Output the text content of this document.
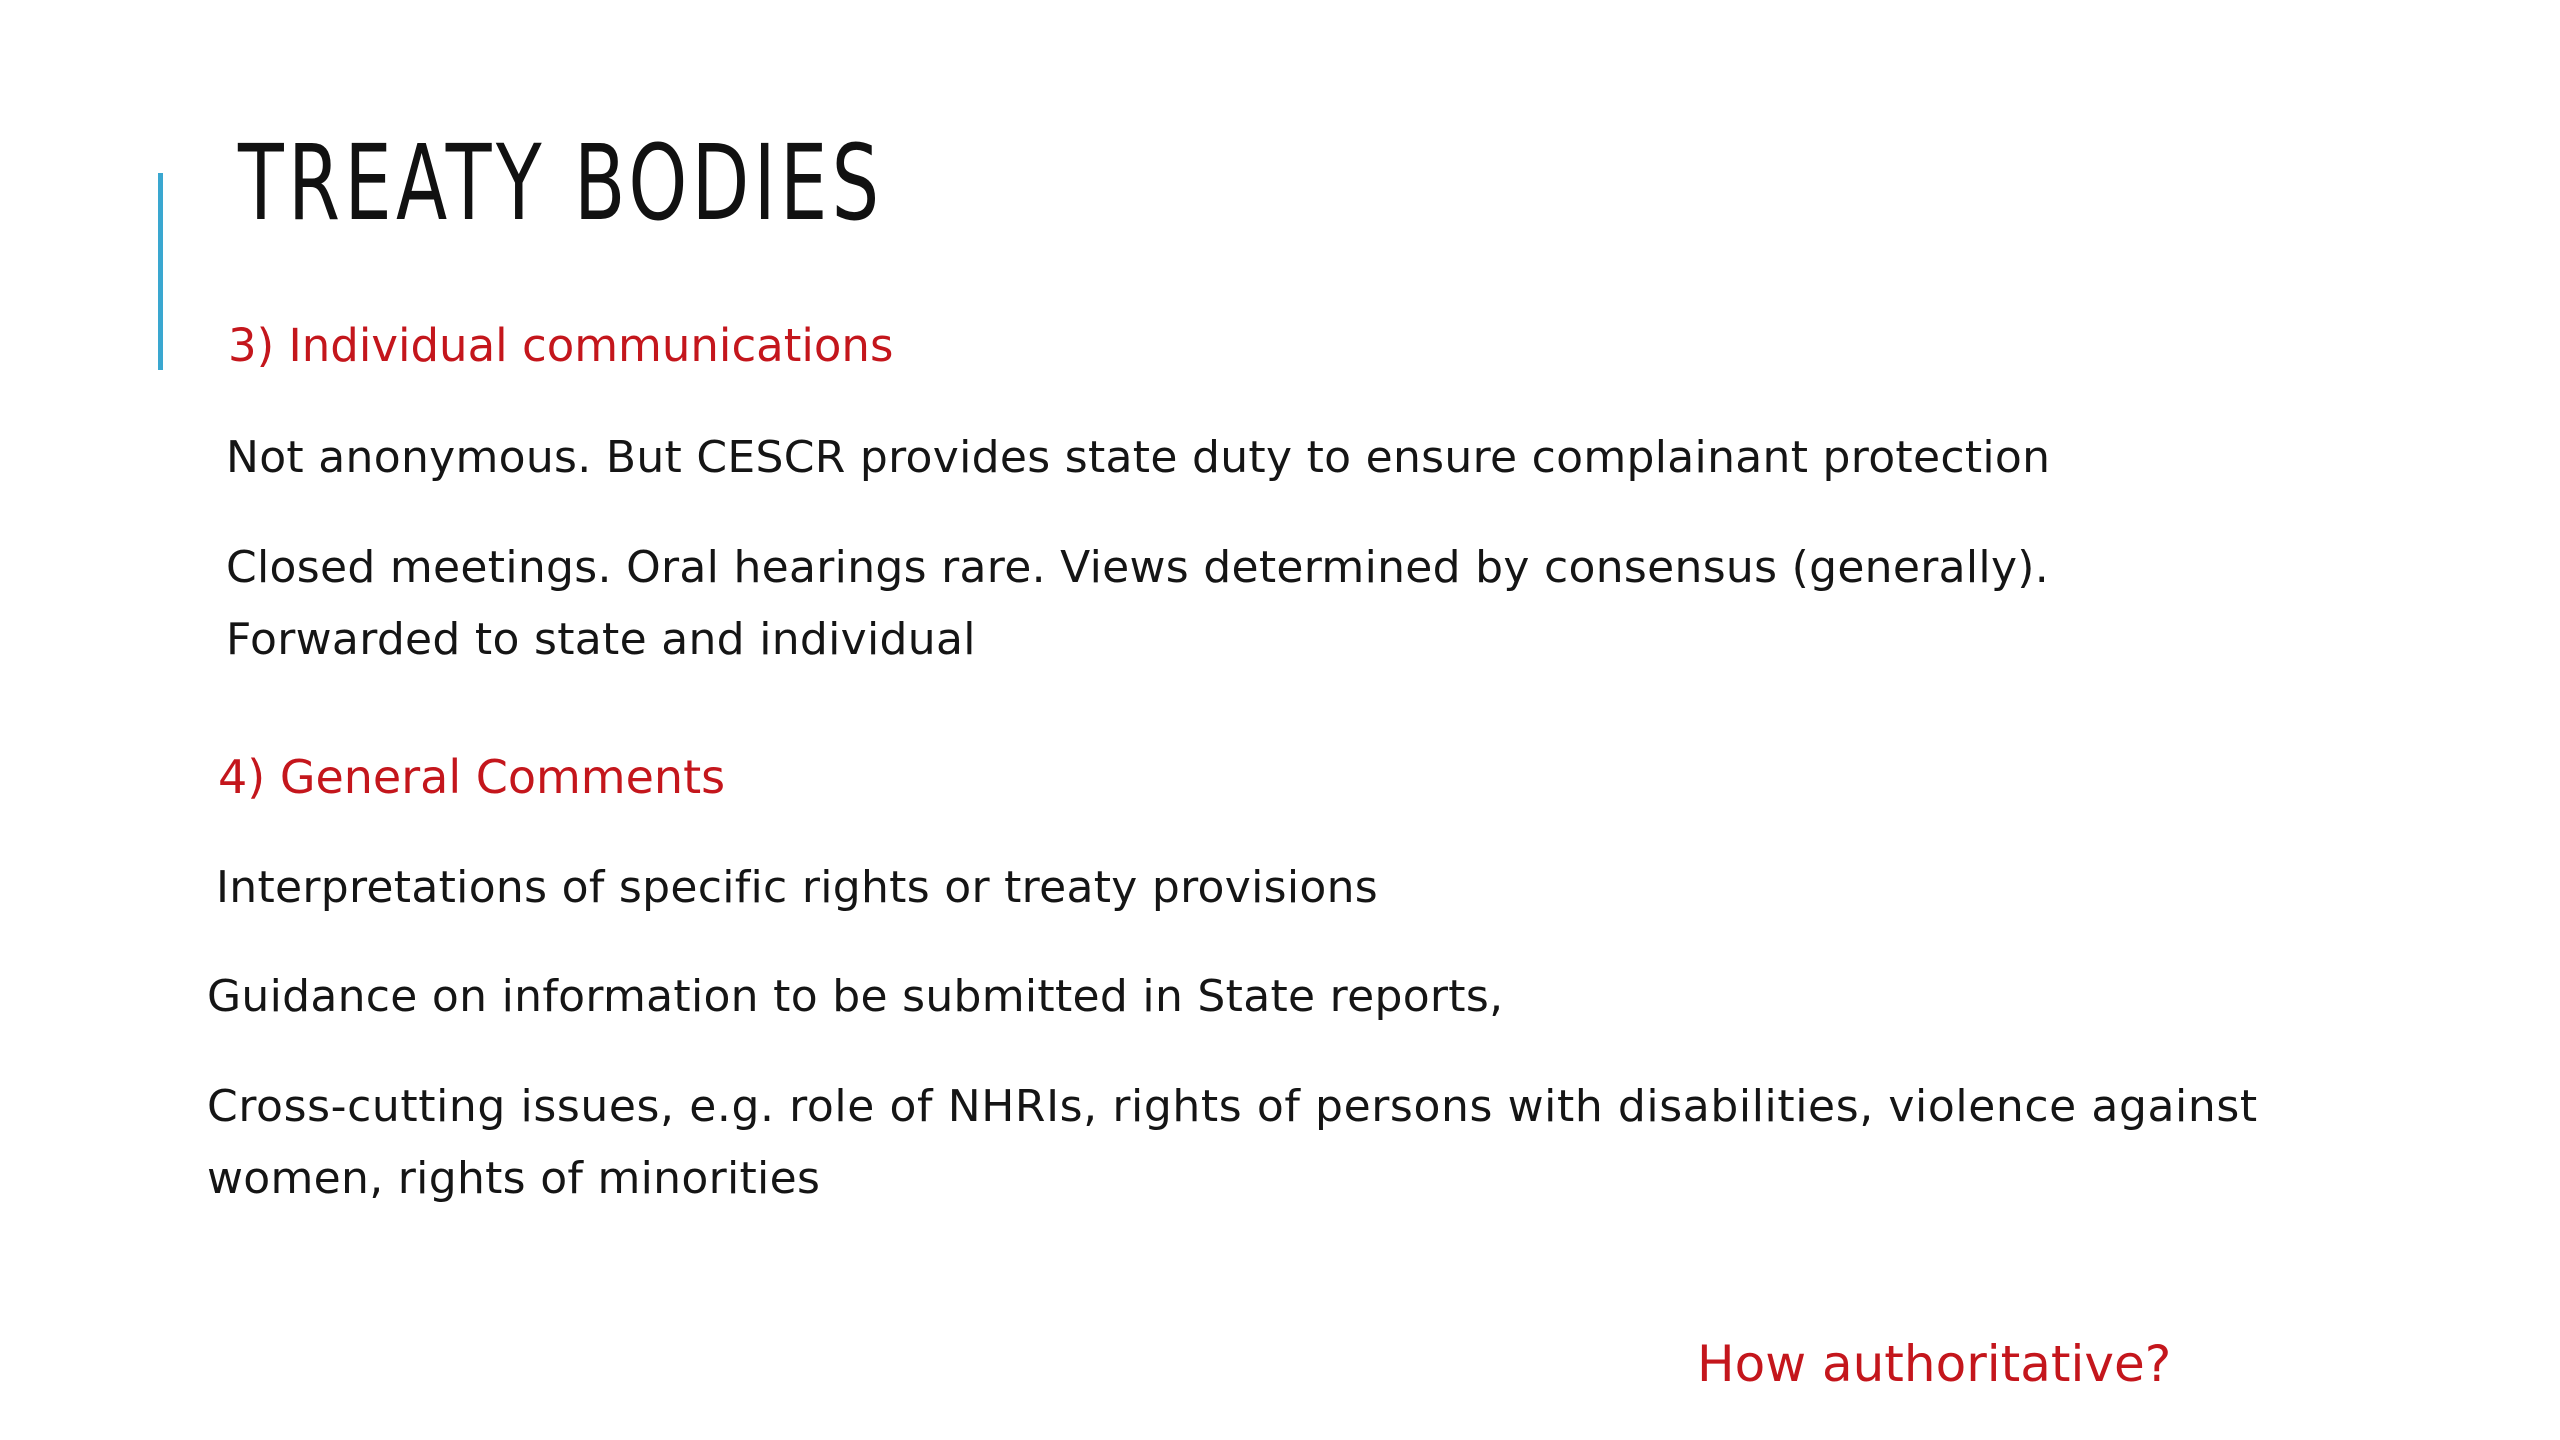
TREATY BODIES
3) Individual communications
Not anonymous. But CESCR provides state duty to ensure complainant protection
Closed meetings. Oral hearings rare. Views determined by consensus (generally).
Forwarded to state and individual
4) General Comments
Interpretations of specific rights or treaty provisions
Guidance on information to be submitted in State reports,
Cross-cutting issues, e.g. role of NHRIs, rights of persons with disabilities, violence against
women, rights of minorities
How authoritative?
